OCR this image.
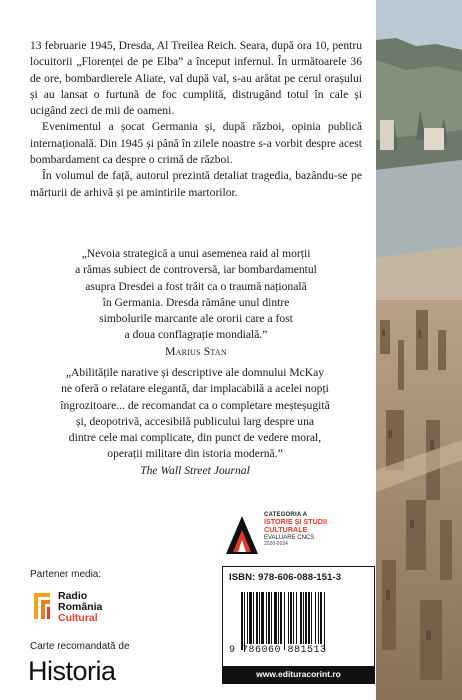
13 februarie 1945, Dresda, Al Treilea Reich. Seara, după ora 10, pentru locuitorii „Florenței de pe Elba” a început infernul. În următoarele 36 de ore, bombardierele Aliate, val după val, s-au arătat pe cerul orașului și au lansat o furtună de foc cumplită, distrugând totul în cale și ucigând zeci de mii de oameni.

Evenimentul a șocat Germania și, după război, opinia publică internațională. Din 1945 și până în zilele noastre s-a vorbit despre acest bombardament ca despre o crimă de război.

În volumul de față, autorul prezintă detaliat tragedia, bazându-se pe mărturii de arhivă și pe amintirile martorilor.

„Nevoia strategică a unui asemenea raid al morții
a rămas subiect de controversă, iar bombardamentul
asupra Dresdei a fost trăit ca o traumă națională
în Germania. Dresda rămâne unul dintre
simbolurile marcante ale ororii care a fost
a doua conflagrație mondială.”
Marius Stan
„Abilitățile narative și descriptive ale domnului McKay
ne oferă o relatare elegantă, dar implacabilă a acelei nopți
îngrozitoare... de recomandat ca o completare meșteșugită
și, deopotrivă, accesibilă publicului larg despre una
dintre cele mai complicate, din punct de vedere moral,
operații militare din istoria modernă.”
The Wall Street Journal
Partener media:
Radio
România
Cultural
Carte recomandată de
Historia
CATEGORIA A
ISTORIE ȘI STUDII
CULTURALE
EVALUARE CNCS
2020-2024
ISBN: 978-606-088-151-3
9 786060 881513
www.edituracorint.ro
